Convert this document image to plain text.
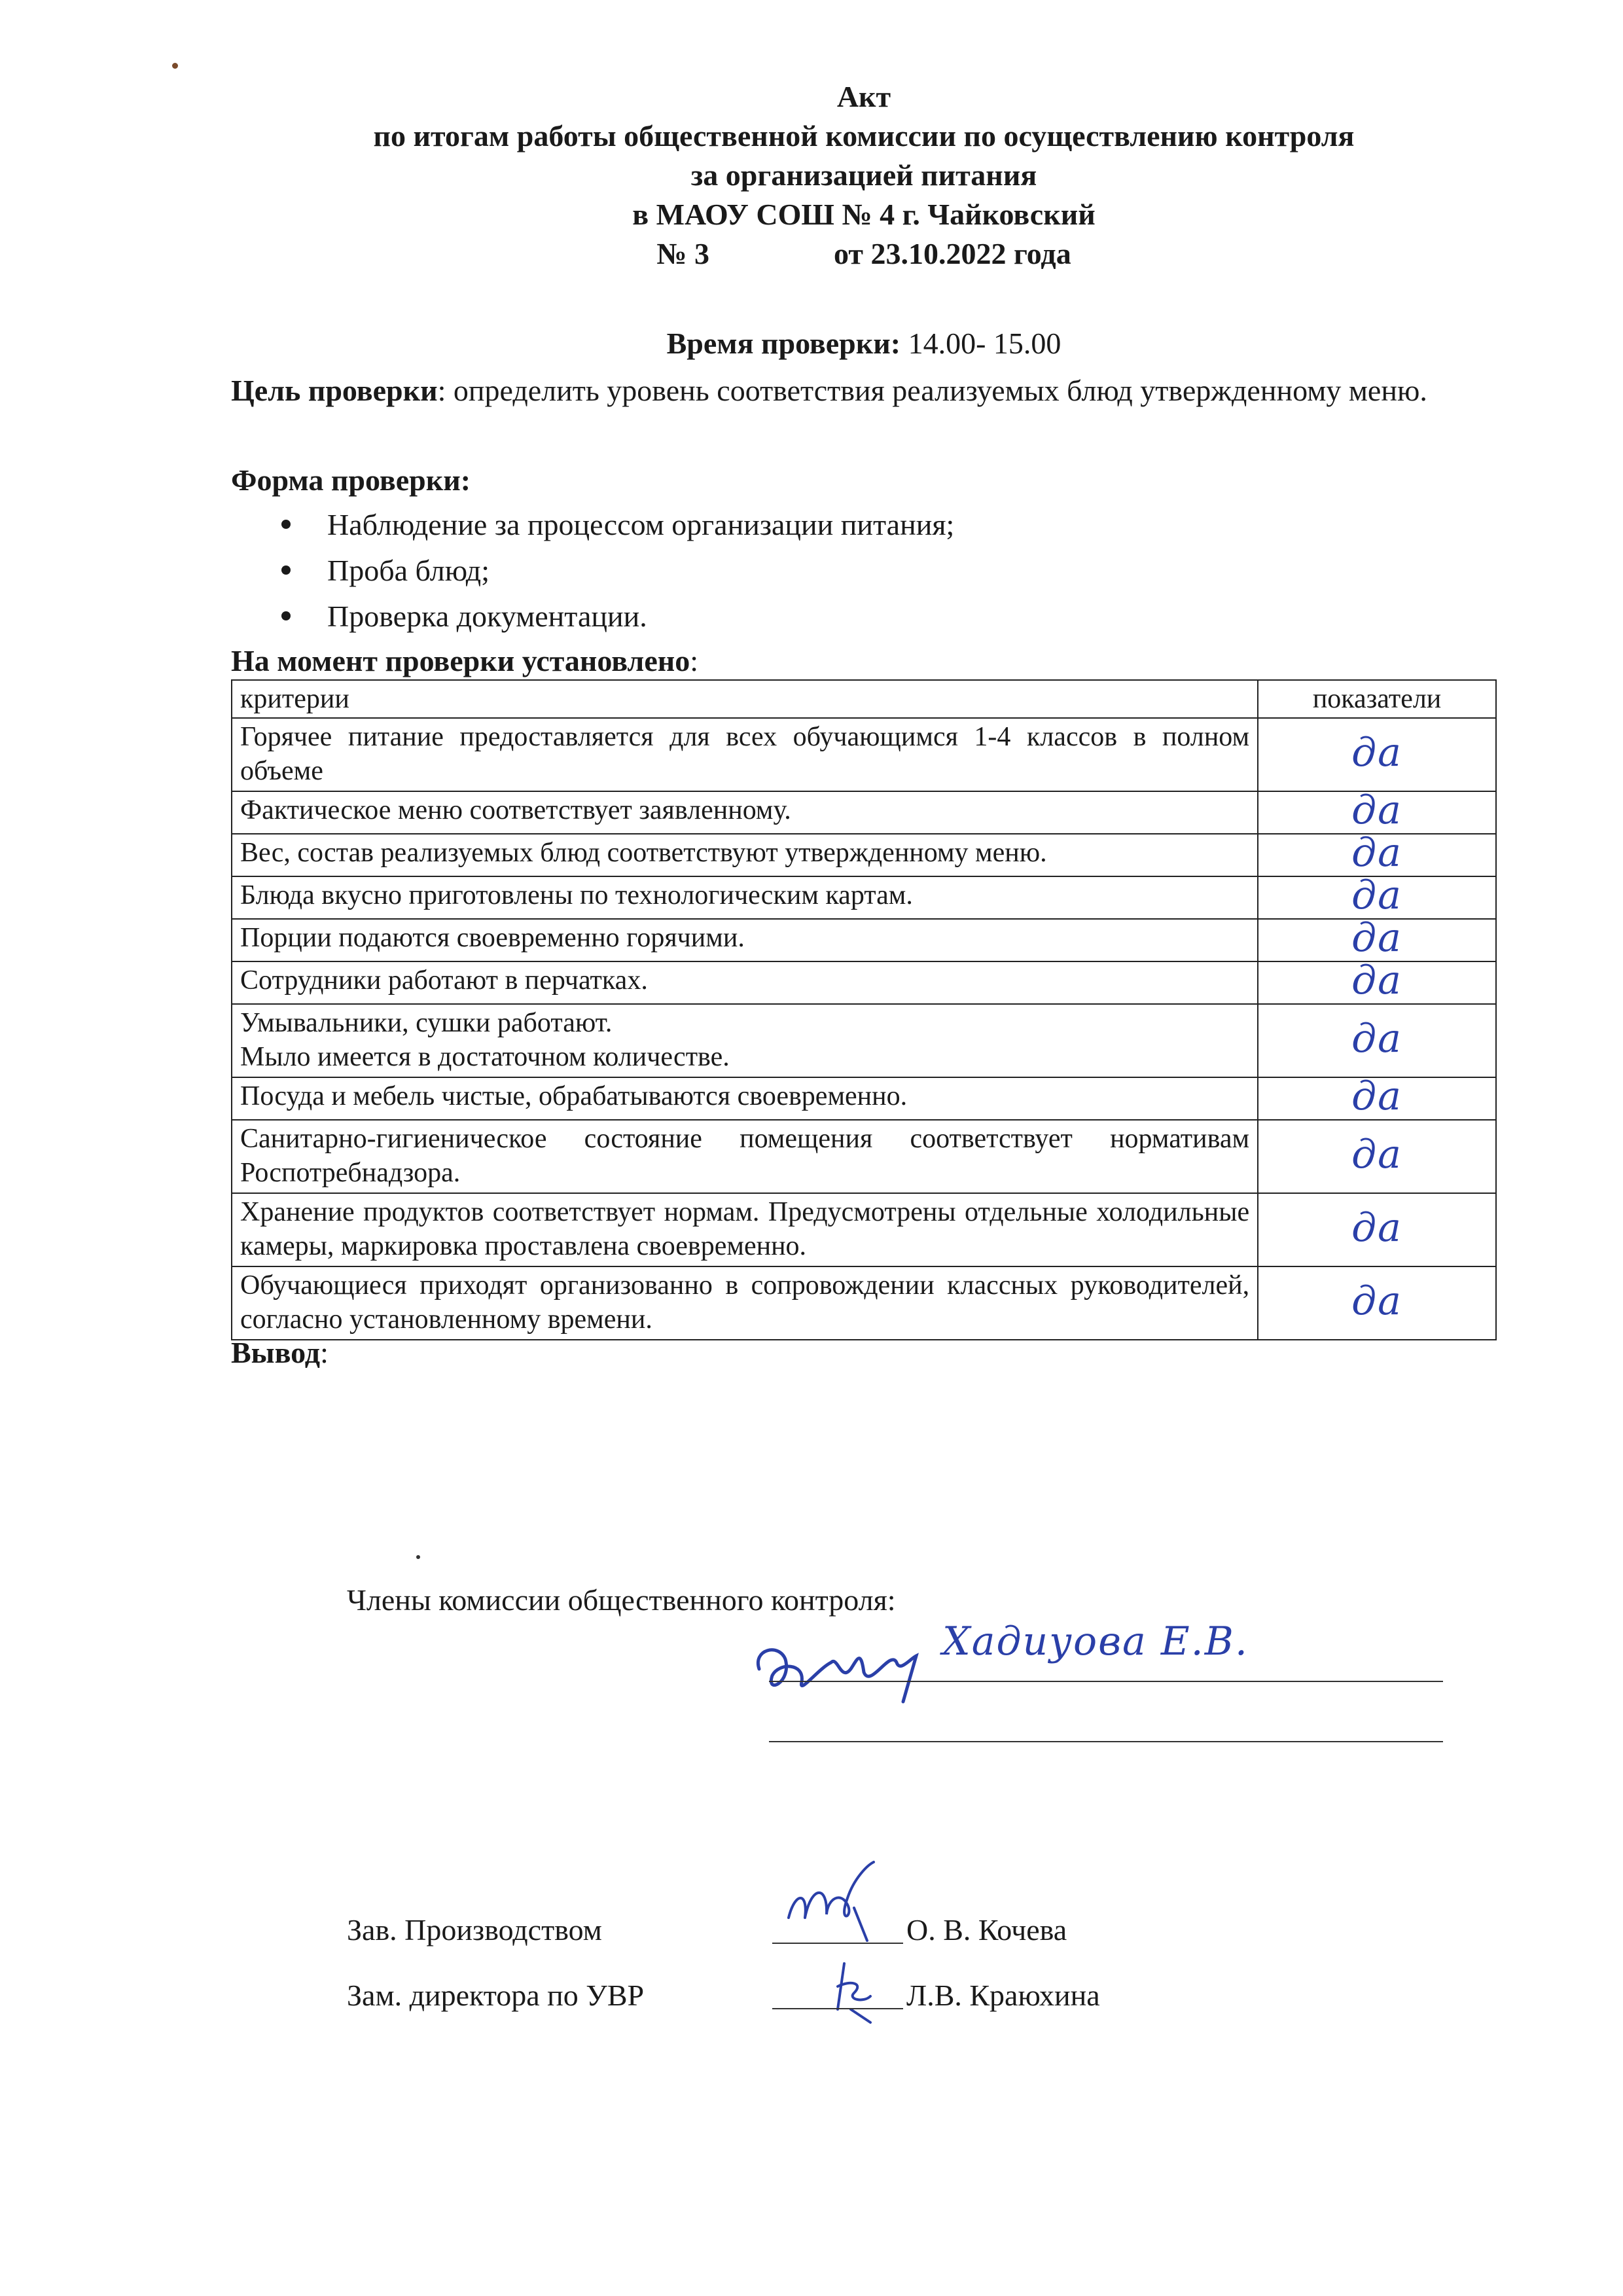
Акт
по итогам работы общественной комиссии по осуществлению контроля
за организацией питания
в МАОУ СОШ № 4 г. Чайковский
№ 3	от 23.10.2022 года
Время проверки: 14.00- 15.00
Цель проверки: определить уровень соответствия реализуемых блюд утвержденному меню.
Форма проверки:
Наблюдение за процессом организации питания;
Проба блюд;
Проверка документации.
На момент проверки установлено:
критерии	показатели
Горячее питание предоставляется для всех обучающимся 1-4 классов в полном объеме	да
Фактическое меню соответствует заявленному.	да
Вес, состав реализуемых блюд соответствуют утвержденному меню.	да
Блюда вкусно приготовлены по технологическим картам.	да
Порции подаются своевременно горячими.	да
Сотрудники работают в перчатках.	да
Умывальники, сушки работают.
Мыло имеется в достаточном количестве.	да
Посуда и мебель чистые, обрабатываются своевременно.	да
Санитарно-гигиеническое состояние помещения соответствует нормативам Роспотребнадзора.	да
Хранение продуктов соответствует нормам. Предусмотрены отдельные холодильные камеры, маркировка проставлена своевременно.	да
Обучающиеся приходят организованно в сопровождении классных руководителей, согласно установленному времени.	да
Вывод:
Члены комиссии общественного контроля:
Хадиуова Е.В.
Зав. Производством	О. В. Кочева
Зам. директора по УВР	Л.В. Краюхина
